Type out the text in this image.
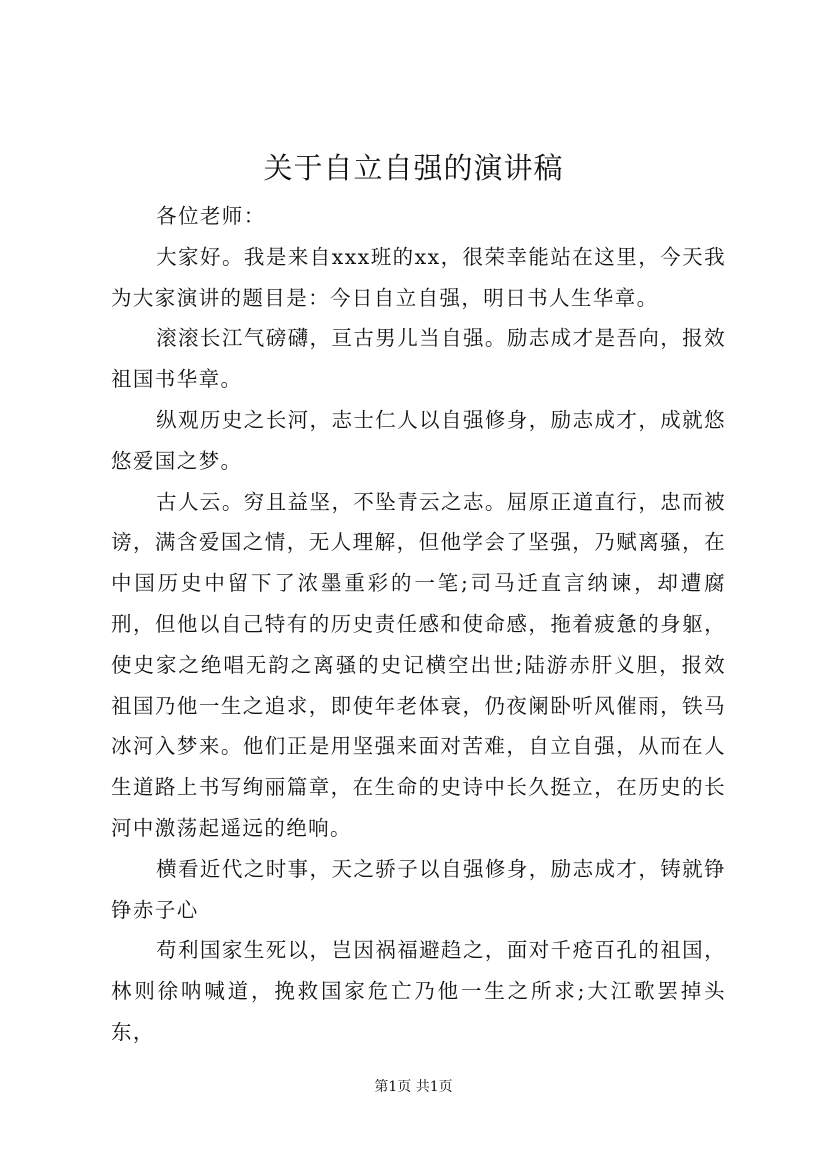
关于自立自强的演讲稿

各位老师：

大家好。我是来自xxx班的xx，很荣幸能站在这里，今天我为大家演讲的题目是：今日自立自强，明日书人生华章。

滚滚长江气磅礴，亘古男儿当自强。励志成才是吾向，报效祖国书华章。

纵观历史之长河，志士仁人以自强修身，励志成才，成就悠悠爱国之梦。

古人云。穷且益坚，不坠青云之志。屈原正道直行，忠而被谤，满含爱国之情，无人理解，但他学会了坚强，乃赋离骚，在中国历史中留下了浓墨重彩的一笔;司马迁直言纳谏，却遭腐刑，但他以自己特有的历史责任感和使命感，拖着疲惫的身躯，使史家之绝唱无韵之离骚的史记横空出世;陆游赤肝义胆，报效祖国乃他一生之追求，即使年老体衰，仍夜阑卧听风催雨，铁马冰河入梦来。他们正是用坚强来面对苦难，自立自强，从而在人生道路上书写绚丽篇章，在生命的史诗中长久挺立，在历史的长河中激荡起遥远的绝响。

横看近代之时事，天之骄子以自强修身，励志成才，铸就铮铮赤子心

苟利国家生死以，岂因祸福避趋之，面对千疮百孔的祖国，林则徐呐喊道，挽救国家危亡乃他一生之所求;大江歌罢掉头东，

第1页 共1页
